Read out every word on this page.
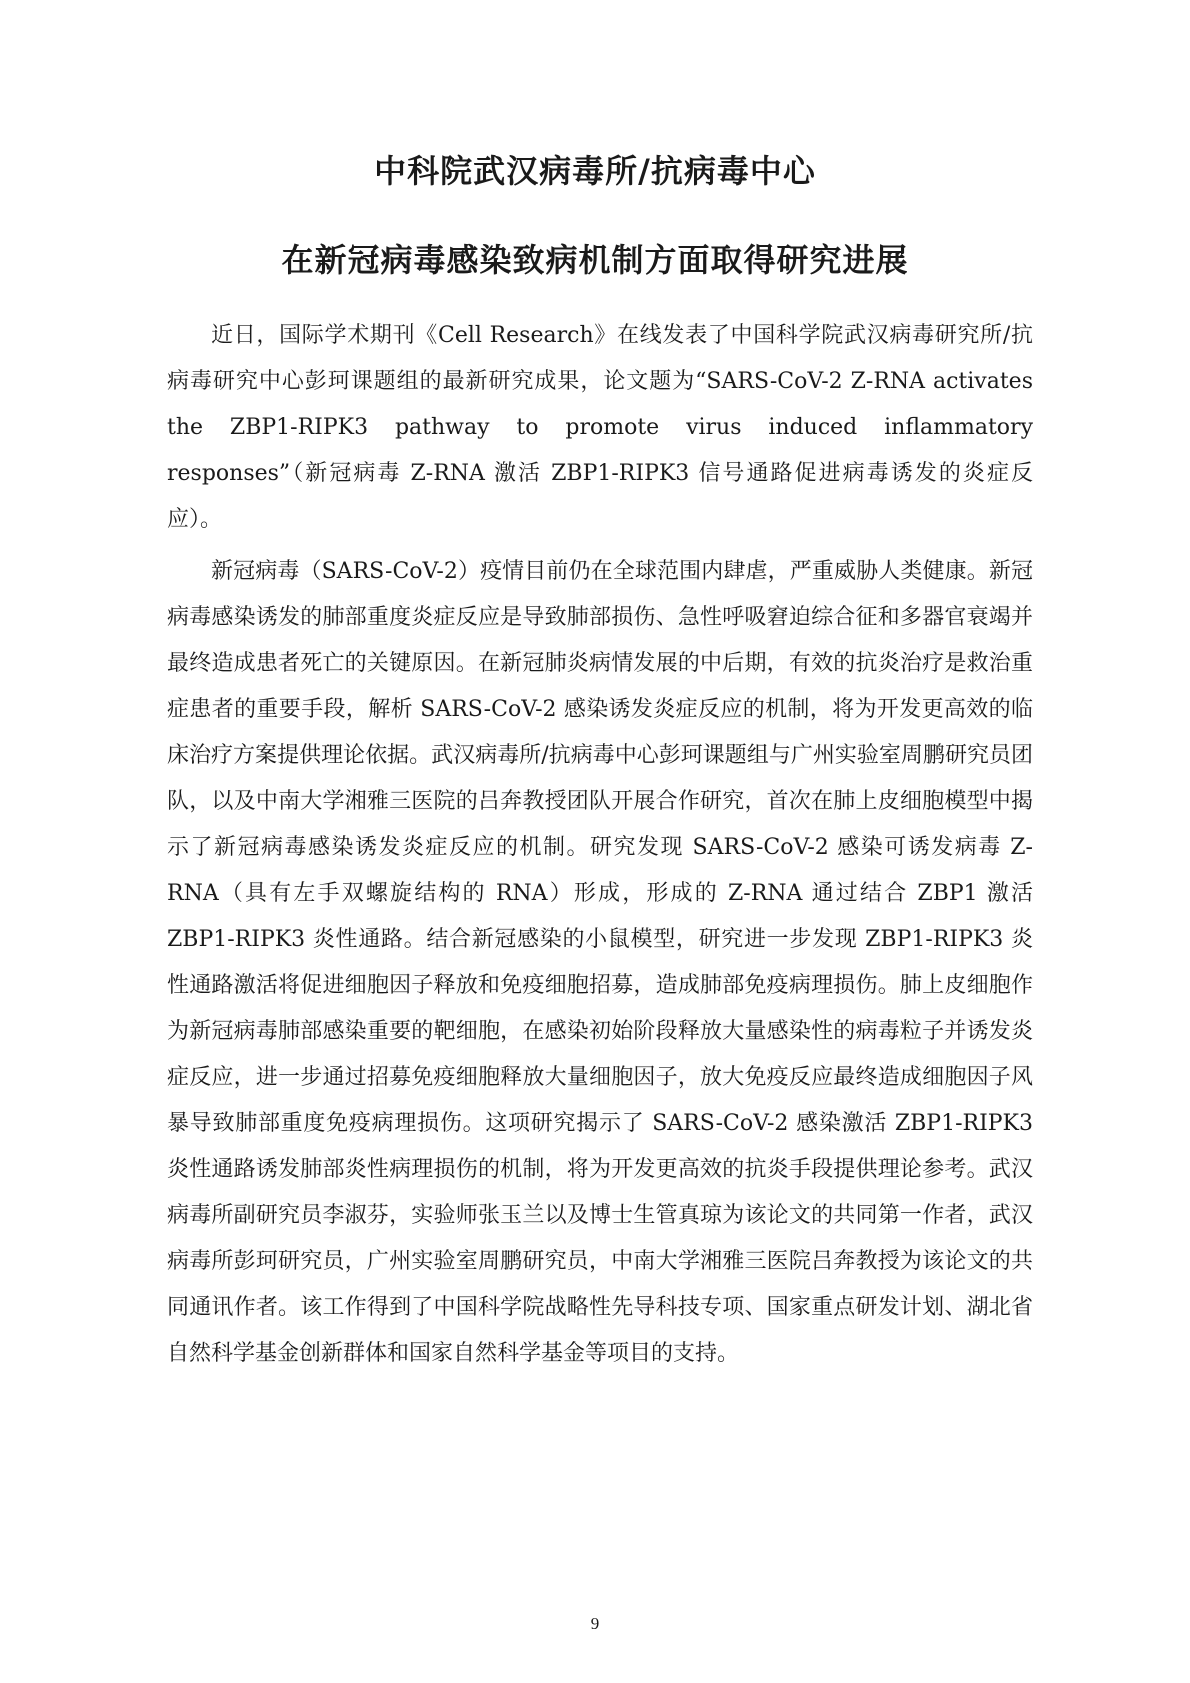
中科院武汉病毒所/抗病毒中心
在新冠病毒感染致病机制方面取得研究进展

近日，国际学术期刊《Cell Research》在线发表了中国科学院武汉病毒研究所/抗病毒研究中心彭珂课题组的最新研究成果，论文题为“SARS-CoV-2 Z-RNA activates the ZBP1-RIPK3 pathway to promote virus induced inflammatory responses”（新冠病毒 Z-RNA 激活 ZBP1-RIPK3 信号通路促进病毒诱发的炎症反应）。

新冠病毒（SARS-CoV-2）疫情目前仍在全球范围内肆虐，严重威胁人类健康。新冠病毒感染诱发的肺部重度炎症反应是导致肺部损伤、急性呼吸窘迫综合征和多器官衰竭并最终造成患者死亡的关键原因。在新冠肺炎病情发展的中后期，有效的抗炎治疗是救治重症患者的重要手段，解析 SARS-CoV-2 感染诱发炎症反应的机制，将为开发更高效的临床治疗方案提供理论依据。武汉病毒所/抗病毒中心彭珂课题组与广州实验室周鹏研究员团队，以及中南大学湘雅三医院的吕奔教授团队开展合作研究，首次在肺上皮细胞模型中揭示了新冠病毒感染诱发炎症反应的机制。研究发现 SARS-CoV-2 感染可诱发病毒 Z-RNA（具有左手双螺旋结构的 RNA）形成，形成的 Z-RNA 通过结合 ZBP1 激活 ZBP1-RIPK3 炎性通路。结合新冠感染的小鼠模型，研究进一步发现 ZBP1-RIPK3 炎性通路激活将促进细胞因子释放和免疫细胞招募，造成肺部免疫病理损伤。肺上皮细胞作为新冠病毒肺部感染重要的靶细胞，在感染初始阶段释放大量感染性的病毒粒子并诱发炎症反应，进一步通过招募免疫细胞释放大量细胞因子，放大免疫反应最终造成细胞因子风暴导致肺部重度免疫病理损伤。这项研究揭示了 SARS-CoV-2 感染激活 ZBP1-RIPK3 炎性通路诱发肺部炎性病理损伤的机制，将为开发更高效的抗炎手段提供理论参考。武汉病毒所副研究员李淑芬，实验师张玉兰以及博士生管真琼为该论文的共同第一作者，武汉病毒所彭珂研究员，广州实验室周鹏研究员，中南大学湘雅三医院吕奔教授为该论文的共同通讯作者。该工作得到了中国科学院战略性先导科技专项、国家重点研发计划、湖北省自然科学基金创新群体和国家自然科学基金等项目的支持。

9
